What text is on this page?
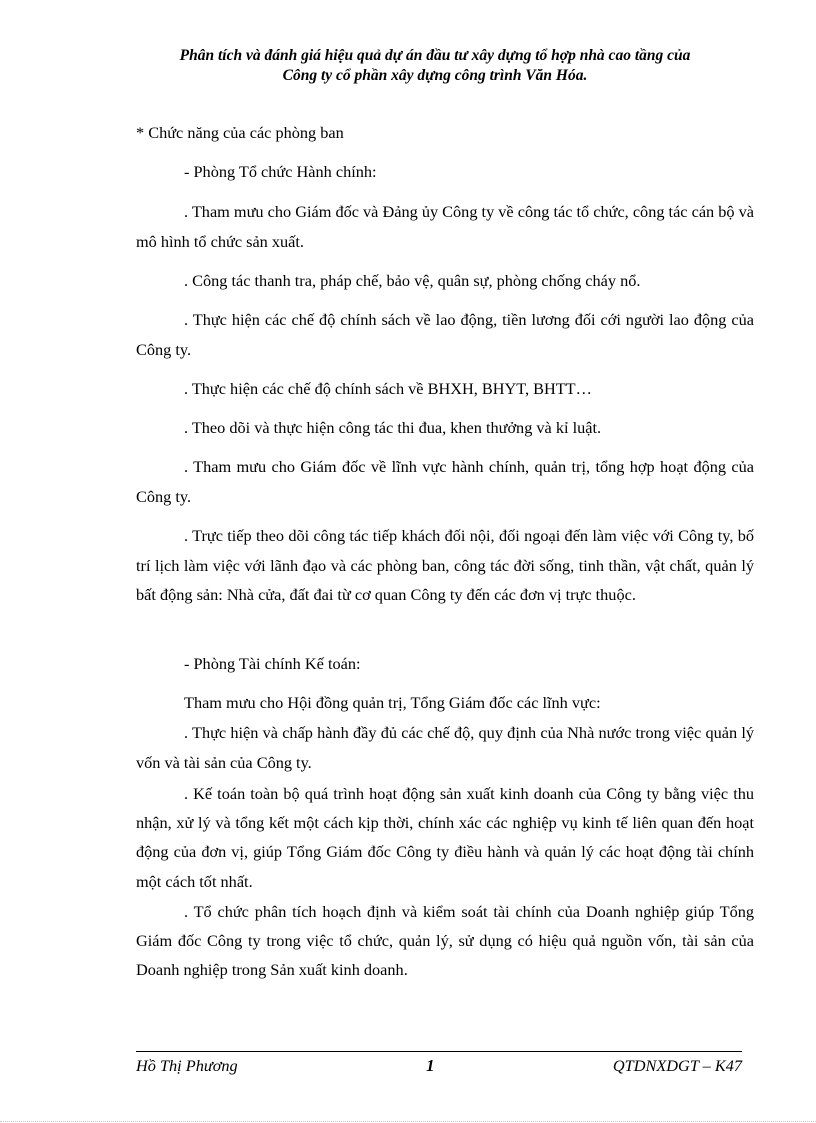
Phân tích và đánh giá hiệu quả dự án đầu tư xây dựng tổ hợp nhà cao tầng của
Công ty cổ phần xây dựng công trình Văn Hóa.
* Chức năng của các phòng ban
- Phòng Tổ chức Hành chính:
. Tham mưu cho Giám đốc và Đảng ủy Công ty về công tác tổ chức, công tác cán bộ và mô hình tổ chức sản xuất.
. Công tác thanh tra, pháp chế, bảo vệ, quân sự, phòng chống cháy nổ.
. Thực hiện các chế độ chính sách về lao động, tiền lương đối cới người lao động của Công ty.
. Thực hiện các chế độ chính sách về BHXH, BHYT, BHTT…
. Theo dõi và thực hiện công tác thi đua, khen thưởng và kỉ luật.
. Tham mưu cho Giám đốc về lĩnh vực hành chính, quản trị, tổng hợp hoạt động của Công ty.
. Trực tiếp theo dõi công tác tiếp khách đối nội, đối ngoại đến làm việc với Công ty, bố trí lịch làm việc với lãnh đạo và các phòng ban, công tác đời sống, tinh thần, vật chất, quản lý bất động sản: Nhà cửa, đất đai từ cơ quan Công ty đến các đơn vị trực thuộc.
- Phòng Tài chính Kế toán:
Tham mưu cho Hội đồng quản trị, Tổng Giám đốc các lĩnh vực:
. Thực hiện và chấp hành đầy đủ các chế độ, quy định của Nhà nước trong việc quản lý vốn và tài sản của Công ty.
. Kế toán toàn bộ quá trình hoạt động sản xuất kinh doanh của Công ty bằng việc thu nhận, xử lý và tổng kết một cách kịp thời, chính xác các nghiệp vụ kinh tế liên quan đến hoạt động của đơn vị, giúp Tổng Giám đốc Công ty điều hành và quản lý các hoạt động tài chính một cách tốt nhất.
. Tổ chức phân tích hoạch định và kiểm soát tài chính của Doanh nghiệp giúp Tổng Giám đốc Công ty trong việc tổ chức, quản lý, sử dụng có hiệu quả nguồn vốn, tài sản của Doanh nghiệp trong Sản xuất kinh doanh.
Hồ Thị Phương	1	QTDNXDGT – K47
